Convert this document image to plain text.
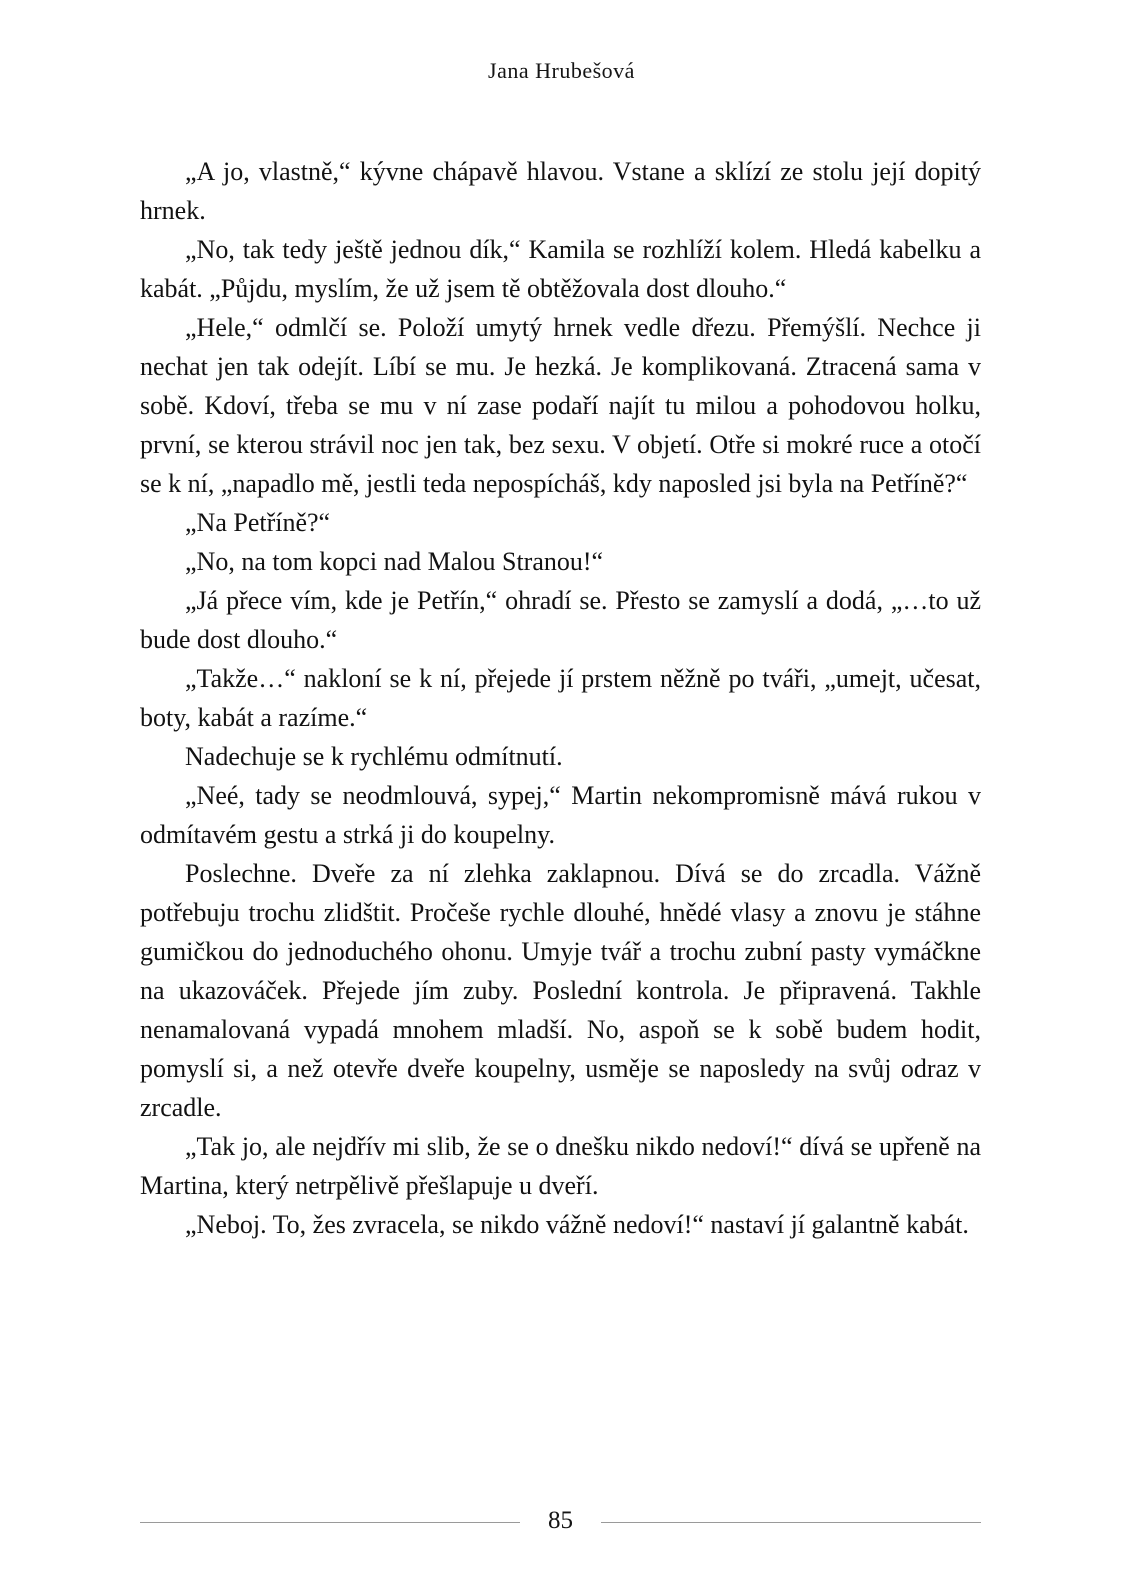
Jana Hrubešová

„A jo, vlastně,“ kývne chápavě hlavou. Vstane a sklízí ze stolu její dopitý hrnek.

„No, tak tedy ještě jednou dík,“ Kamila se rozhlíží kolem. Hledá kabelku a kabát. „Půjdu, myslím, že už jsem tě obtěžovala dost dlouho.“

„Hele,“ odmlčí se. Položí umytý hrnek vedle dřezu. Přemýšlí. Nechce ji nechat jen tak odejít. Líbí se mu. Je hezká. Je komplikovaná. Ztracená sama v sobě. Kdoví, třeba se mu v ní zase podaří najít tu milou a pohodovou holku, první, se kterou strávil noc jen tak, bez sexu. V objetí. Otře si mokré ruce a otočí se k ní, „napadlo mě, jestli teda nepospícháš, kdy naposled jsi byla na Petříně?“

„Na Petříně?“

„No, na tom kopci nad Malou Stranou!“

„Já přece vím, kde je Petřín,“ ohradí se. Přesto se zamyslí a dodá, „…to už bude dost dlouho.“

„Takže…“ nakloní se k ní, přejede jí prstem něžně po tváři, „umejt, učesat, boty, kabát a razíme.“

Nadechuje se k rychlému odmítnutí.

„Neé, tady se neodmlouvá, sypej,“ Martin nekompromisně mává rukou v odmítavém gestu a strká ji do koupelny.

Poslechne. Dveře za ní zlehka zaklapnou. Dívá se do zrcadla. Vážně potřebuju trochu zlidštit. Pročeše rychle dlouhé, hnědé vlasy a znovu je stáhne gumičkou do jednoduchého ohonu. Umyje tvář a trochu zubní pasty vymáčkne na ukazováček. Přejede jím zuby. Poslední kontrola. Je připravená. Takhle nenamalovaná vypadá mnohem mladší. No, aspoň se k sobě budem hodit, pomyslí si, a než otevře dveře koupelny, usměje se naposledy na svůj odraz v zrcadle.

„Tak jo, ale nejdřív mi slib, že se o dnešku nikdo nedoví!“ dívá se upřeně na Martina, který netrpělivě přešlapuje u dveří.

„Neboj. To, žes zvracela, se nikdo vážně nedoví!“ nastaví jí galantně kabát.

85
